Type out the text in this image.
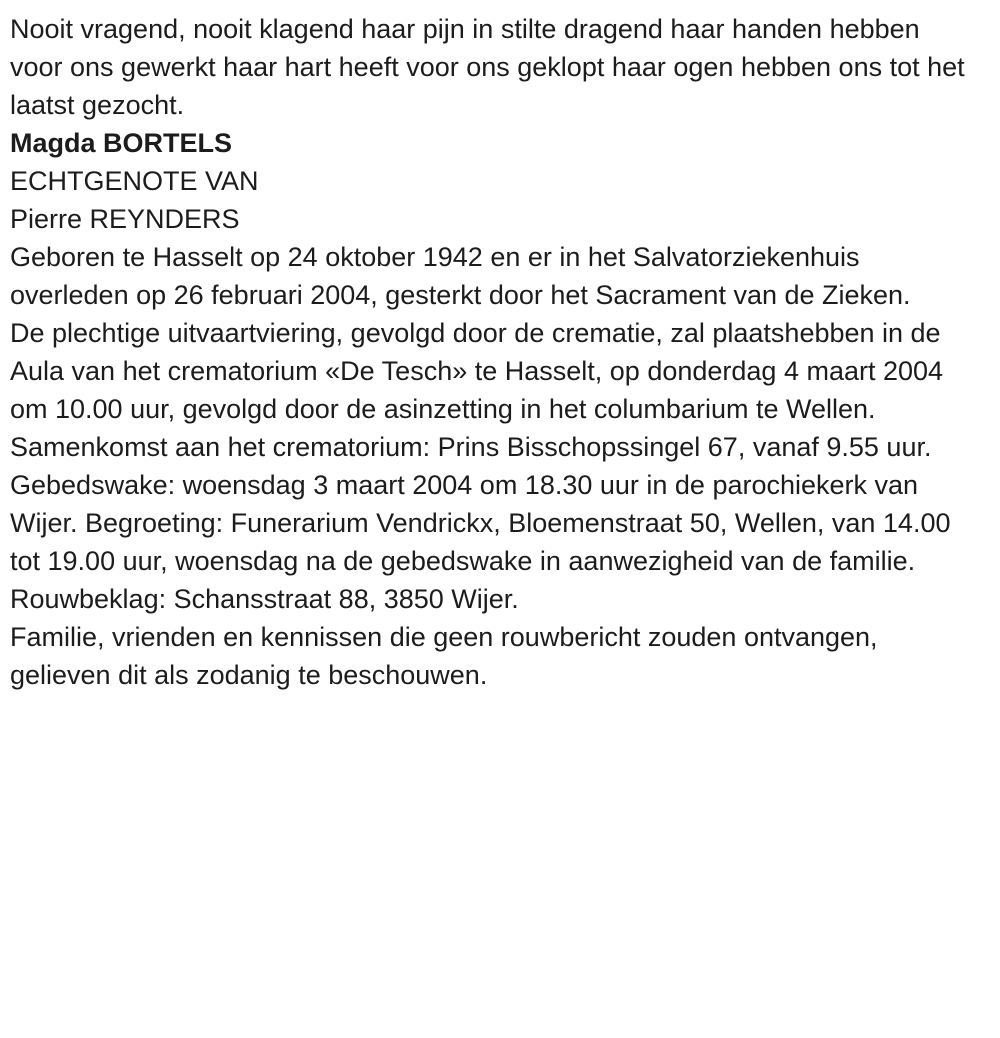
Nooit vragend, nooit klagend haar pijn in stilte dragend haar handen hebben voor ons gewerkt haar hart heeft voor ons geklopt haar ogen hebben ons tot het laatst gezocht.

Magda BORTELS

ECHTGENOTE VAN

Pierre REYNDERS

Geboren te Hasselt op 24 oktober 1942 en er in het Salvatorziekenhuis overleden op 26 februari 2004, gesterkt door het Sacrament van de Zieken.

De plechtige uitvaartviering, gevolgd door de crematie, zal plaatshebben in de Aula van het crematorium «De Tesch» te Hasselt, op donderdag 4 maart 2004 om 10.00 uur, gevolgd door de asinzetting in het columbarium te Wellen. Samenkomst aan het crematorium: Prins Bisschopssingel 67, vanaf 9.55 uur. Gebedswake: woensdag 3 maart 2004 om 18.30 uur in de parochiekerk van Wijer. Begroeting: Funerarium Vendrickx, Bloemenstraat 50, Wellen, van 14.00 tot 19.00 uur, woensdag na de gebedswake in aanwezigheid van de familie.

Rouwbeklag: Schansstraat 88, 3850 Wijer.

Familie, vrienden en kennissen die geen rouwbericht zouden ontvangen, gelieven dit als zodanig te beschouwen.
